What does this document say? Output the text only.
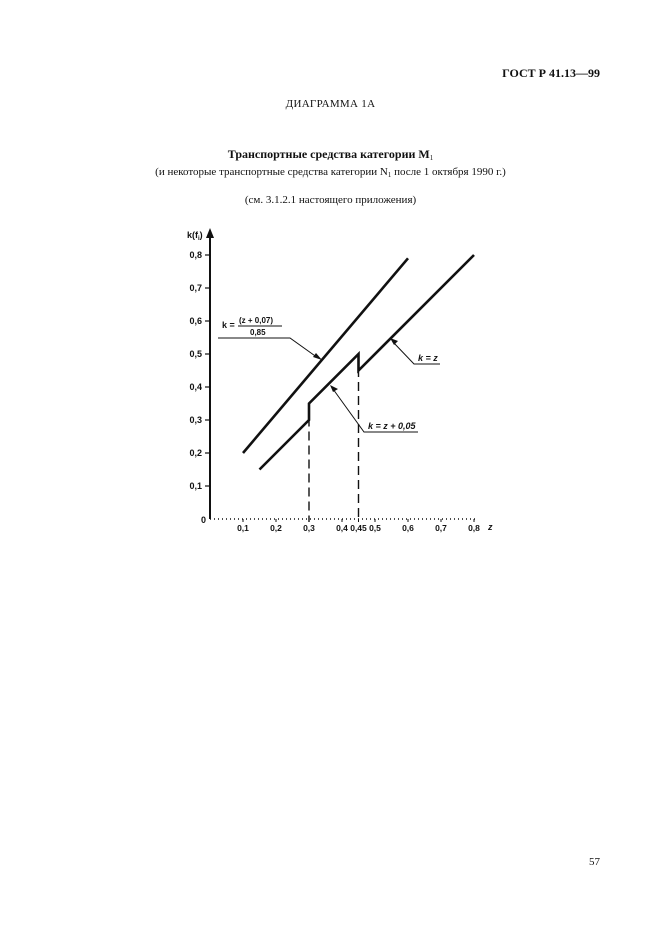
ГОСТ Р 41.13—99
ДИАГРАММА 1А
Транспортные средства категории $M_1$
(и некоторые транспортные средства категории $N_1$ после 1 октября 1990 г.)
(см. 3.1.2.1 настоящего приложения)
57
$k(f_i)$
z
0
0,1
0,2
0,3
0,4
0,5
0,6
0,7
0,8
0,1 0,2 0,3 0,4 0,45 0,5 0,6 0,7 0,8
k = (z + 0,07)
0,85
k = z
k = z + 0,05
